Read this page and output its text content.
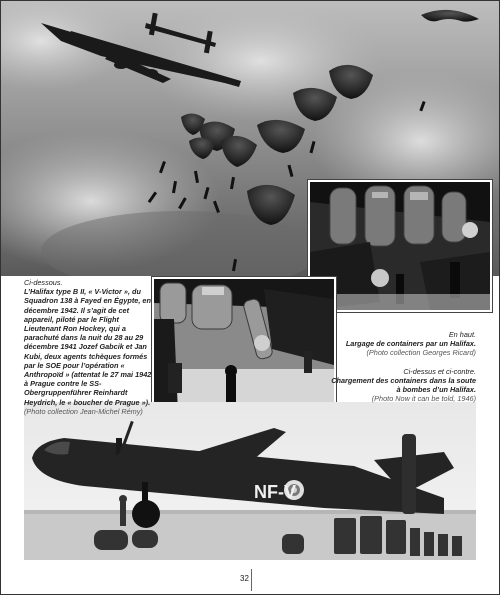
NF-V
Ci-dessous.
L’Halifax type B II, « V-Victor », du Squadron 138 à Fayed en Égypte, en décembre 1942. Il s’agit de cet appareil, piloté par le Flight Lieutenant Ron Hockey, qui a parachuté dans la nuit du 28 au 29 décembre 1941 Jozef Gabcik et Jan Kubi, deux agents tchèques formés par le SOE pour l’opération « Anthropoïd » (attentat le 27 mai 1942 à Prague contre le SS-Obergruppenführer Reinhardt Heydrich, le « boucher de Prague »). (Photo collection Jean-Michel Rémy)
En haut.
Largage de containers par un Halifax.
(Photo collection Georges Ricard)
Ci-dessus et ci-contre.
Chargement des containers dans la soute à bombes d’un Halifax.
(Photo Now it can be told, 1946)
32
